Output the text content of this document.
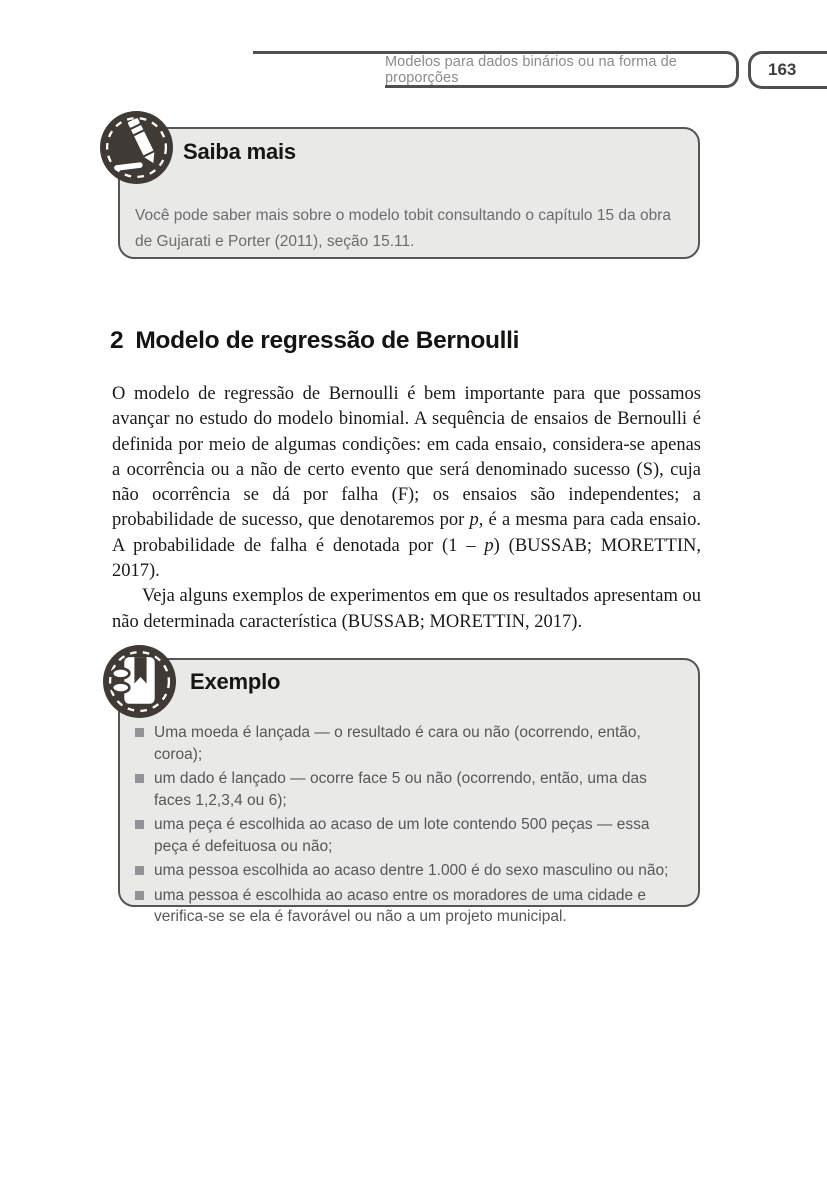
Modelos para dados binários ou na forma de proporções	163
Saiba mais
Você pode saber mais sobre o modelo tobit consultando o capítulo 15 da obra de Gujarati e Porter (2011), seção 15.11.
2 Modelo de regressão de Bernoulli

O modelo de regressão de Bernoulli é bem importante para que possamos avançar no estudo do modelo binomial. A sequência de ensaios de Bernoulli é definida por meio de algumas condições: em cada ensaio, considera-se apenas a ocorrência ou a não de certo evento que será denominado sucesso (S), cuja não ocorrência se dá por falha (F); os ensaios são independentes; a probabilidade de sucesso, que denotaremos por p, é a mesma para cada ensaio. A probabilidade de falha é denotada por (1 – p) (BUSSAB; MORETTIN, 2017).

Veja alguns exemplos de experimentos em que os resultados apresentam ou não determinada característica (BUSSAB; MORETTIN, 2017).

Exemplo
Uma moeda é lançada — o resultado é cara ou não (ocorrendo, então, coroa);
um dado é lançado — ocorre face 5 ou não (ocorrendo, então, uma das faces 1,2,3,4 ou 6);
uma peça é escolhida ao acaso de um lote contendo 500 peças — essa peça é defeituosa ou não;
uma pessoa escolhida ao acaso dentre 1.000 é do sexo masculino ou não;
uma pessoa é escolhida ao acaso entre os moradores de uma cidade e verifica-se se ela é favorável ou não a um projeto municipal.
